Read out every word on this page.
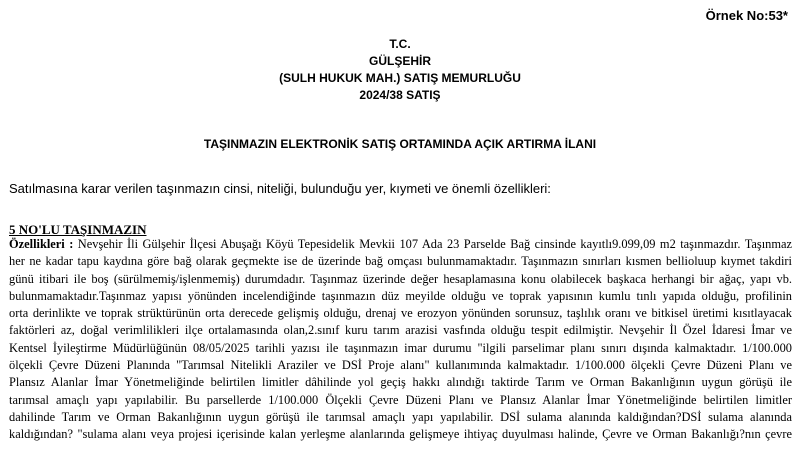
Örnek No:53*
T.C.
GÜLŞEHİR
(SULH HUKUK MAH.) SATIŞ MEMURLUĞU
2024/38 SATIŞ
TAŞINMAZIN ELEKTRONİK SATIŞ ORTAMINDA AÇIK ARTIRMA İLANI
Satılmasına karar verilen taşınmazın cinsi, niteliği, bulunduğu yer, kıymeti ve önemli özellikleri:
5 NO'LU TAŞINMAZIN
Özellikleri : Nevşehir İli Gülşehir İlçesi Abuşağı Köyü Tepesidelik Mevkii 107 Ada 23 Parselde Bağ cinsinde kayıtlı9.099,09 m2 taşınmazdır. Taşınmaz
her ne kadar tapu kaydına göre bağ olarak geçmekte ise de üzerinde bağ omçası bulunmamaktadır. Taşınmazın sınırları kısmen bellioluup kıymet takdiri
günü itibari ile boş (sürülmemiş/işlenmemiş) durumdadır. Taşınmaz üzerinde değer hesaplamasına konu olabilecek başkaca herhangi bir ağaç, yapı vb.
bulunmamaktadır.Taşınmaz yapısı yönünden incelendiğinde taşınmazın düz meyilde olduğu ve toprak yapısının kumlu tınlı yapıda olduğu, profilinin
orta derinlikte ve toprak strüktürünün orta derecede gelişmiş olduğu, drenaj ve erozyon yönünden sorunsuz, taşlılık oranı ve bitkisel üretimi kısıtlayacak
faktörleri az, doğal verimlilikleri ilçe ortalamasında olan,2.sınıf kuru tarım arazisi vasfında olduğu tespit edilmiştir. Nevşehir İl Özel İdaresi İmar ve
Kentsel İyileştirme Müdürlüğünün 08/05/2025 tarihli yazısı ile taşınmazın imar durumu "ilgili parselimar planı sınırı dışında kalmaktadır. 1/100.000
ölçekli Çevre Düzeni Planında "Tarımsal Nitelikli Araziler ve DSİ Proje alanı" kullanımında kalmaktadır. 1/100.000 ölçekli Çevre Düzeni Planı ve
Plansız Alanlar İmar Yönetmeliğinde belirtilen limitler dâhilinde yol geçiş hakkı alındığı taktirde Tarım ve Orman Bakanlığının uygun görüşü ile
tarımsal amaçlı yapı yapılabilir. Bu parsellerde 1/100.000 Ölçekli Çevre Düzeni Planı ve Plansız Alanlar İmar Yönetmeliğinde belirtilen limitler
dahilinde Tarım ve Orman Bakanlığının uygun görüşü ile tarımsal amaçlı yapı yapılabilir. DSİ sulama alanında kaldığından?DSİ sulama alanında
kaldığından? "sulama alanı veya projesi içerisinde kalan yerleşme alanlarında gelişmeye ihtiyaç duyulması halinde, Çevre ve Orman Bakanlığı?nın çevre
